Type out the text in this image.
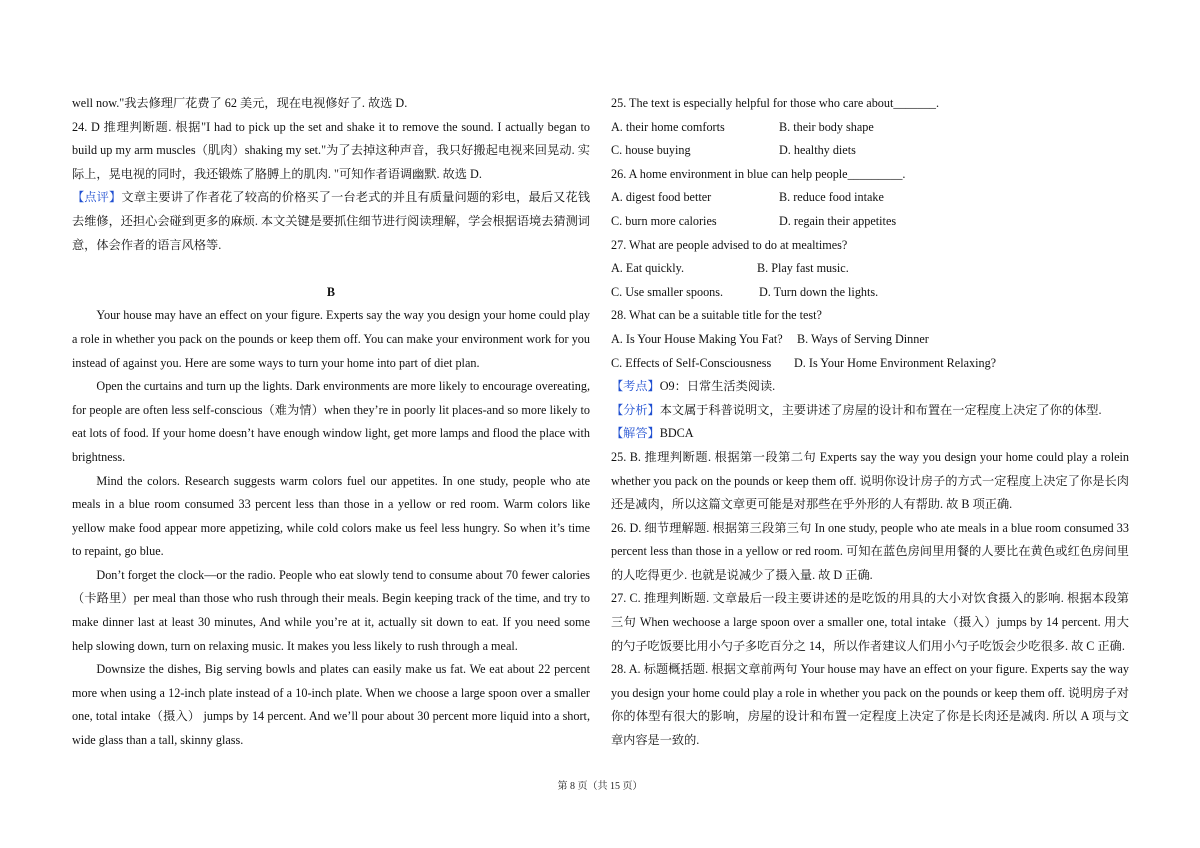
well now."我去修理厂花费了 62 美元，现在电视修好了. 故选 D.

24. D 推理判断题. 根据"I had to pick up the set and shake it to remove the sound. I actually began to build up my arm muscles（肌肉）shaking my set."为了去掉这种声音，我只好搬起电视来回晃动. 实际上，晃电视的同时，我还锻炼了胳膊上的肌肉. "可知作者语调幽默. 故选 D.

【点评】文章主要讲了作者花了较高的价格买了一台老式的并且有质量问题的彩电，最后又花钱去维修，还担心会碰到更多的麻烦. 本文关键是要抓住细节进行阅读理解，学会根据语境去猜测词意，体会作者的语言风格等.

B

Your house may have an effect on your figure. Experts say the way you design your home could play a role in whether you pack on the pounds or keep them off. You can make your environment work for you instead of against you. Here are some ways to turn your home into part of diet plan.

Open the curtains and turn up the lights. Dark environments are more likely to encourage overeating, for people are often less self-conscious（难为情）when they’re in poorly lit places-and so more likely to eat lots of food. If your home doesn’t have enough window light, get more lamps and flood the place with brightness.

Mind the colors. Research suggests warm colors fuel our appetites. In one study, people who ate meals in a blue room consumed 33 percent less than those in a yellow or red room. Warm colors like yellow make food appear more appetizing, while cold colors make us feel less hungry. So when it’s time to repaint, go blue.

Don’t forget the clock—or the radio. People who eat slowly tend to consume about 70 fewer calories（卡路里）per meal than those who rush through their meals. Begin keeping track of the time, and try to make dinner last at least 30 minutes, And while you’re at it, actually sit down to eat. If you need some help slowing down, turn on relaxing music. It makes you less likely to rush through a meal.

Downsize the dishes, Big serving bowls and plates can easily make us fat. We eat about 22 percent more when using a 12-inch plate instead of a 10-inch plate. When we choose a large spoon over a smaller one, total intake（摄入） jumps by 14 percent. And we’ll pour about 30 percent more liquid into a short, wide glass than a tall, skinny glass.

25. The text is especially helpful for those who care about_______.

A. their home comforts	B. their body shape
C. house buying	D. healthy diets

26. A home environment in blue can help people_________.

A. digest food better	B. reduce food intake
C. burn more calories	D. regain their appetites

27. What are people advised to do at mealtimes?

A. Eat quickly.	B. Play fast music.
C. Use smaller spoons.	D. Turn down the lights.

28. What can be a suitable title for the test?

A. Is Your House Making You Fat?	B. Ways of Serving Dinner
C. Effects of Self-Consciousness	D. Is Your Home Environment Relaxing?

【考点】O9：日常生活类阅读.

【分析】本文属于科普说明文，主要讲述了房屋的设计和布置在一定程度上决定了你的体型.

【解答】BDCA

25. B. 推理判断题. 根据第一段第二句 Experts say the way you design your home could play a rolein whether you pack on the pounds or keep them off. 说明你设计房子的方式一定程度上决定了你是长肉还是减肉，所以这篇文章更可能是对那些在乎外形的人有帮助. 故 B 项正确.

26. D. 细节理解题. 根据第三段第三句 In one study, people who ate meals in a blue room consumed 33 percent less than those in a yellow or red room. 可知在蓝色房间里用餐的人要比在黄色或红色房间里的人吃得更少. 也就是说减少了摄入量. 故 D 正确.

27. C. 推理判断题. 文章最后一段主要讲述的是吃饭的用具的大小对饮食摄入的影响. 根据本段第三句 When wechoose a large spoon over a smaller one, total intake（摄入）jumps by 14 percent. 用大的勺子吃饭要比用小勺子多吃百分之 14，所以作者建议人们用小勺子吃饭会少吃很多. 故 C 正确.

28. A. 标题概括题. 根据文章前两句 Your house may have an effect on your figure. Experts say the way you design your home could play a role in whether you pack on the pounds or keep them off. 说明房子对你的体型有很大的影响，房屋的设计和布置一定程度上决定了你是长肉还是减肉. 所以 A 项与文章内容是一致的.

第 8 页（共 15 页）
